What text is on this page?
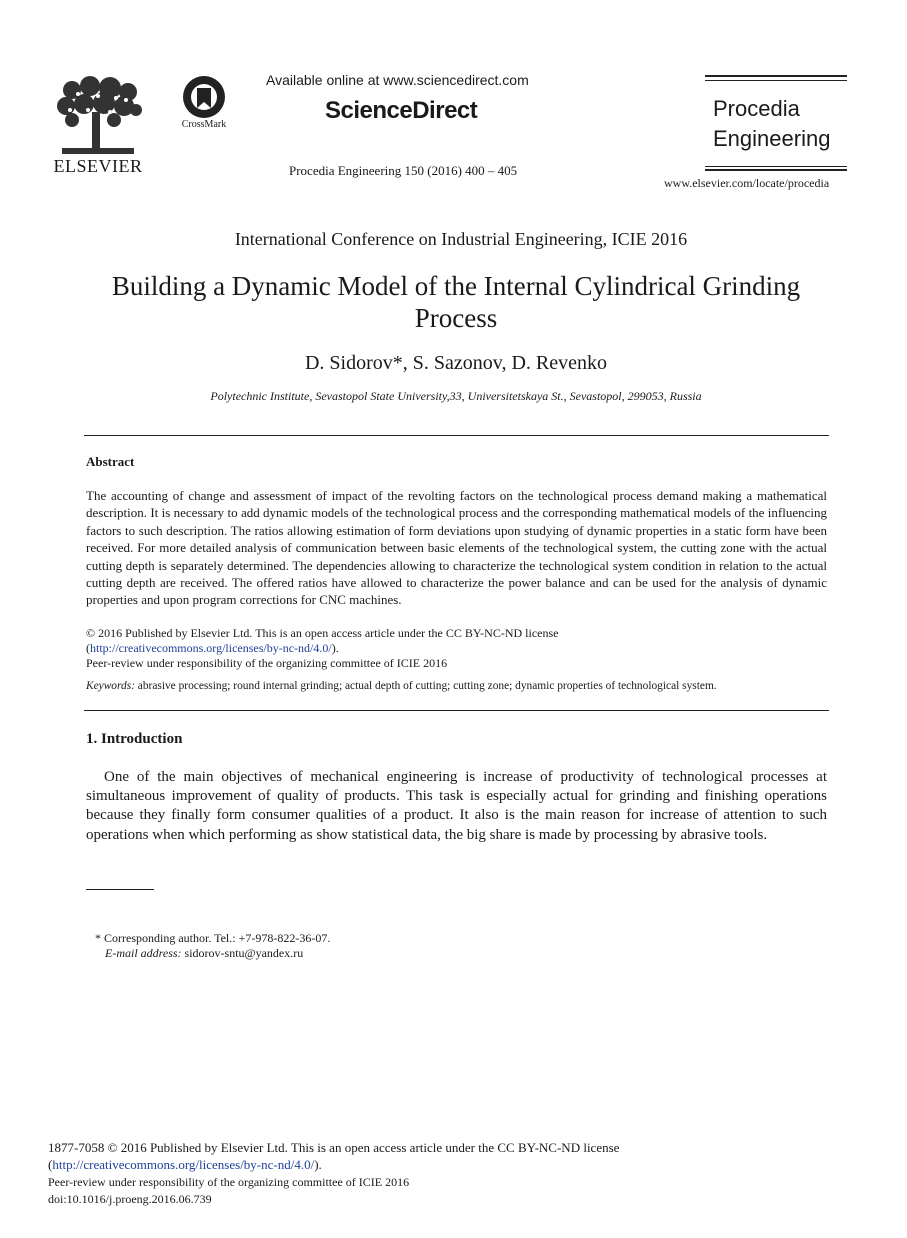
ELSEVIER
CrossMark
Available online at www.sciencedirect.com
ScienceDirect
Procedia Engineering 150 (2016) 400 – 405
Procedia
Engineering
www.elsevier.com/locate/procedia
International Conference on Industrial Engineering, ICIE 2016
Building a Dynamic Model of the Internal Cylindrical Grinding
Process
D. Sidorov*, S. Sazonov, D. Revenko
Polytechnic Institute, Sevastopol State University,33, Universitetskaya St., Sevastopol, 299053, Russia
Abstract
The accounting of change and assessment of impact of the revolting factors on the technological process demand making a mathematical description. It is necessary to add dynamic models of the technological process and the corresponding mathematical models of the influencing factors to such description. The ratios allowing estimation of form deviations upon studying of dynamic properties in a static form have been received. For more detailed analysis of communication between basic elements of the technological system, the cutting zone with the actual cutting depth is separately determined. The dependencies allowing to characterize the technological system condition in relation to the actual cutting depth are received. The offered ratios have allowed to characterize the power balance and can be used for the analysis of dynamic properties and upon program corrections for CNC machines.
© 2016 Published by Elsevier Ltd. This is an open access article under the CC BY-NC-ND license
(http://creativecommons.org/licenses/by-nc-nd/4.0/).
Peer-review under responsibility of the organizing committee of ICIE 2016
Keywords: abrasive processing; round internal grinding; actual depth of cutting; cutting zone; dynamic properties of technological system.
1. Introduction
One of the main objectives of mechanical engineering is increase of productivity of technological processes at simultaneous improvement of quality of products. This task is especially actual for grinding and finishing operations because they finally form consumer qualities of a product. It also is the main reason for increase of attention to such operations when which performing as show statistical data, the big share is made by processing by abrasive tools.
* Corresponding author. Tel.: +7-978-822-36-07.
E-mail address: sidorov-sntu@yandex.ru
1877-7058 © 2016 Published by Elsevier Ltd. This is an open access article under the CC BY-NC-ND license
(http://creativecommons.org/licenses/by-nc-nd/4.0/).
Peer-review under responsibility of the organizing committee of ICIE 2016
doi:10.1016/j.proeng.2016.06.739
